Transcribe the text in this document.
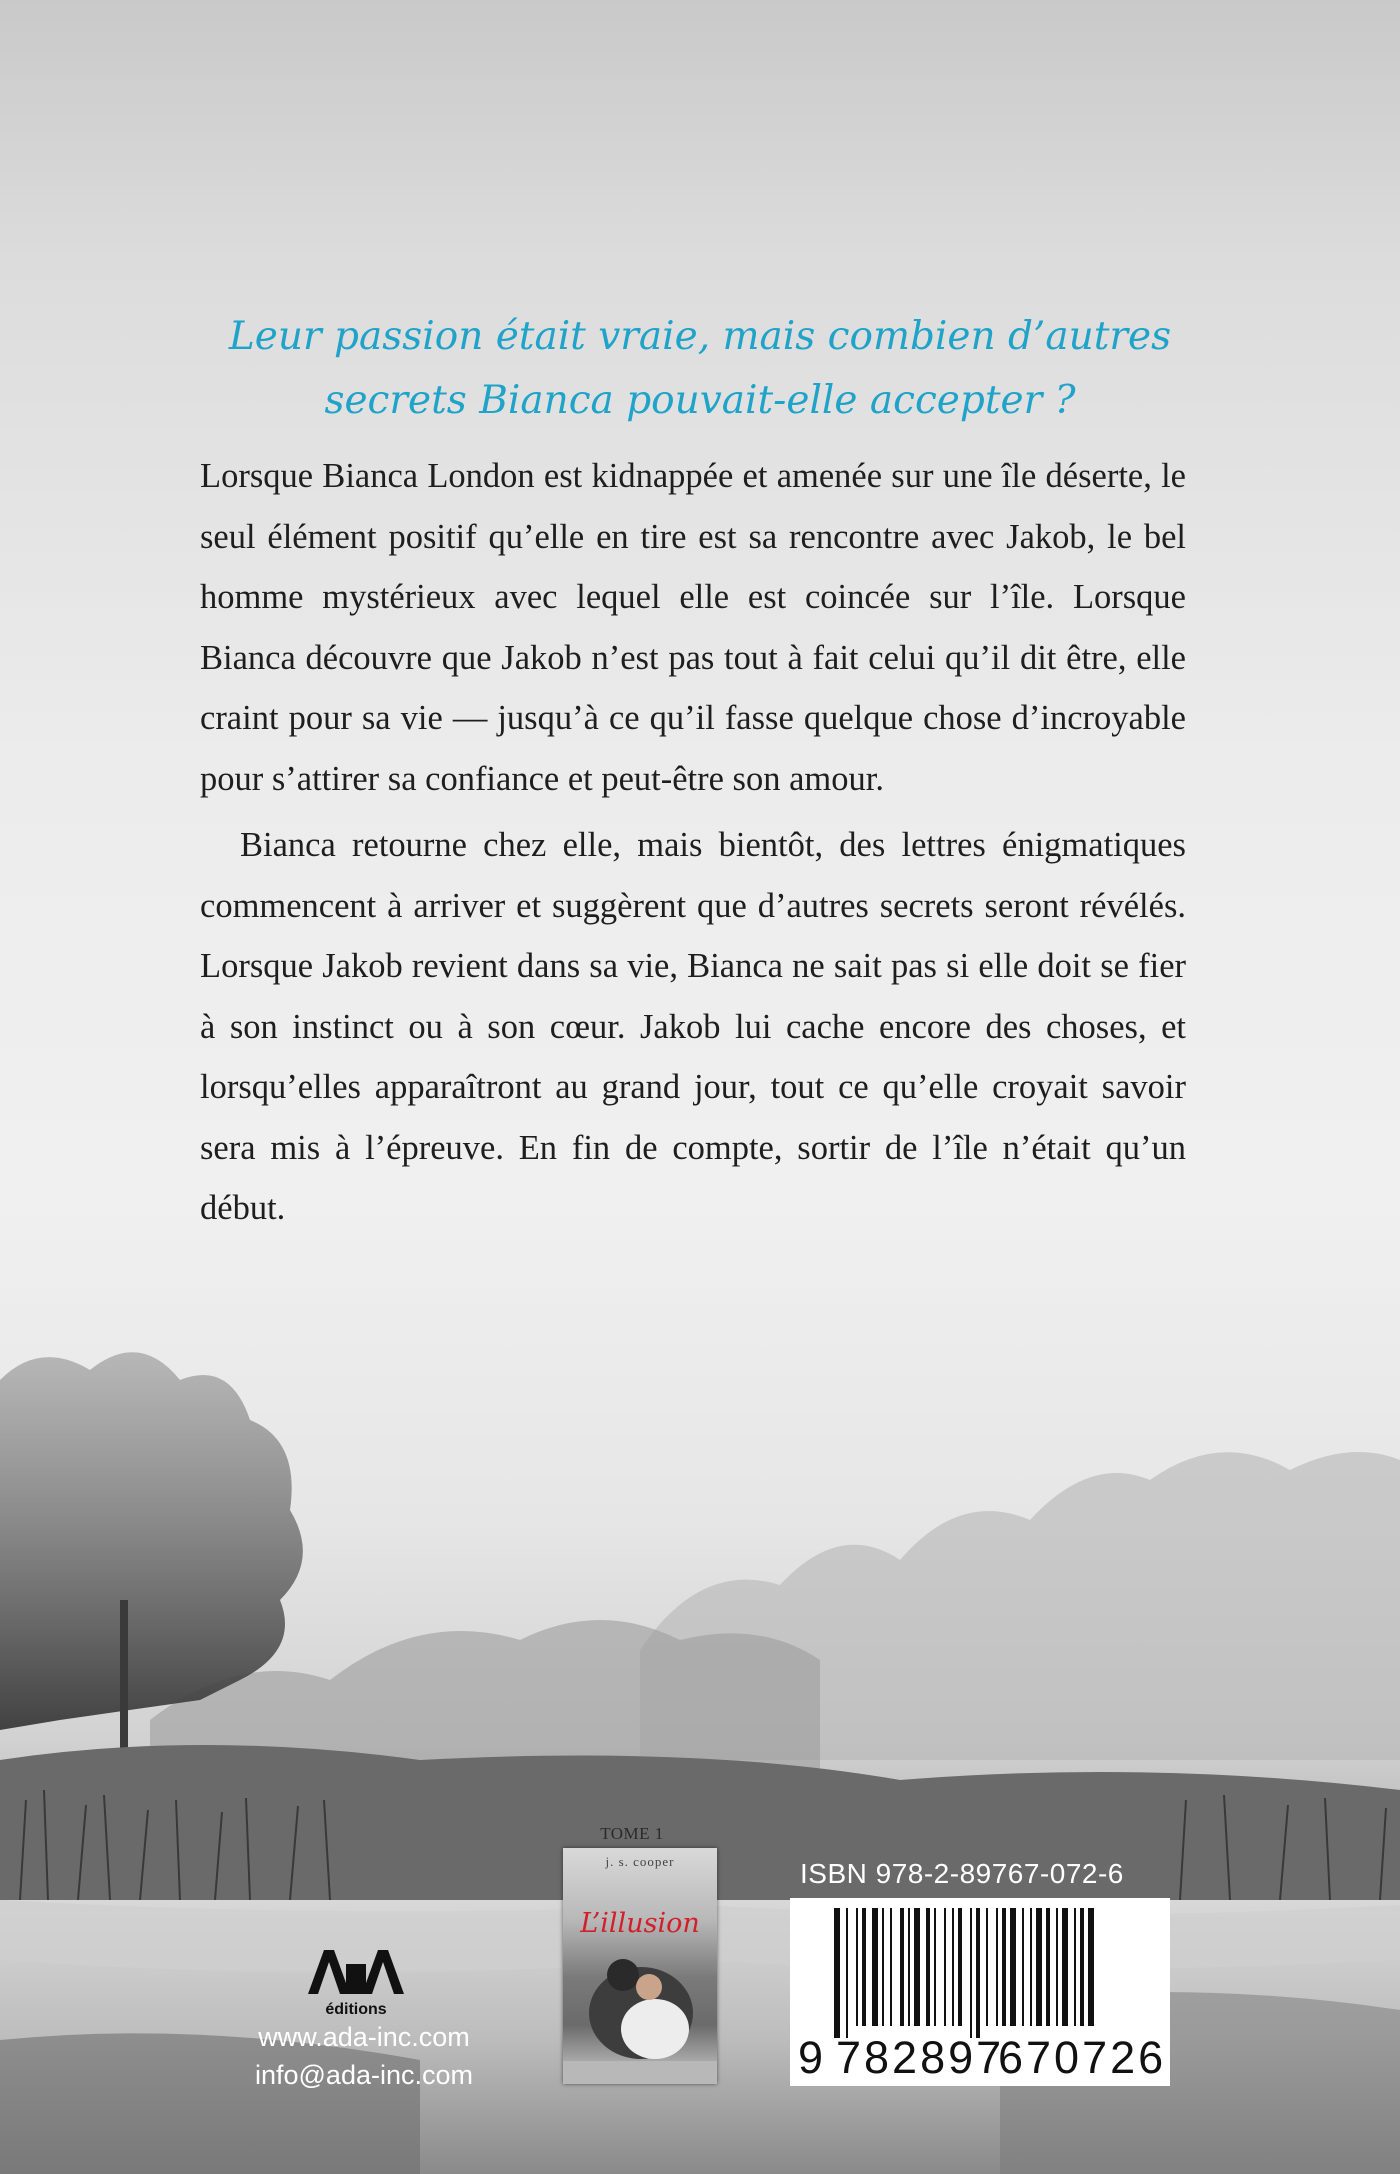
Leur passion était vraie, mais combien d’autres
secrets Bianca pouvait-elle accepter ?

Lorsque Bianca London est kidnappée et amenée sur une île déserte, le seul élément positif qu’elle en tire est sa rencontre avec Jakob, le bel homme mystérieux avec lequel elle est coincée sur l’île. Lorsque Bianca découvre que Jakob n’est pas tout à fait celui qu’il dit être, elle craint pour sa vie — jusqu’à ce qu’il fasse quelque chose d’incroyable pour s’attirer sa confiance et peut-être son amour.

Bianca retourne chez elle, mais bientôt, des lettres énigmatiques commencent à arriver et suggèrent que d’autres secrets seront révélés. Lorsque Jakob revient dans sa vie, Bianca ne sait pas si elle doit se fier à son instinct ou à son cœur. Jakob lui cache encore des choses, et lorsqu’elles apparaîtront au grand jour, tout ce qu’elle croyait savoir sera mis à l’épreuve. En fin de compte, sortir de l’île n’était qu’un début.

éditions
www.ada-inc.com
info@ada-inc.com
TOME 1
j. s. cooper
L’illusion
ISBN 978-2-89767-072-6
9 782897
670726
